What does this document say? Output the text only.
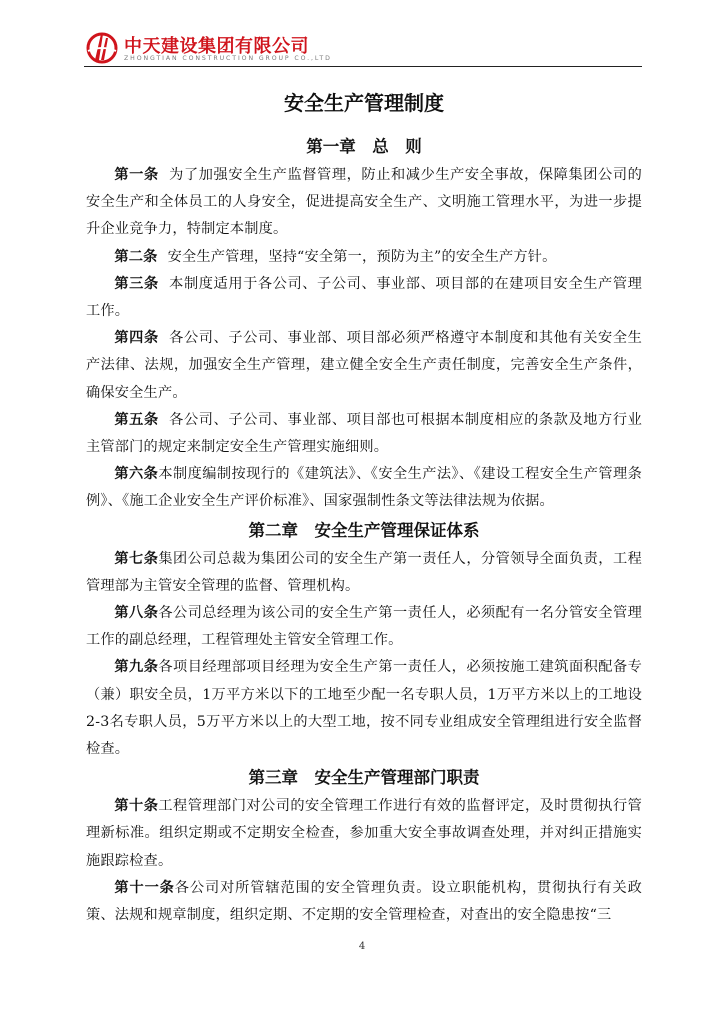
中天建设集团有限公司
ZHONGTIAN CONSTRUCTION GROUP CO.,LTD
安全生产管理制度
第一章　总　则

第一条 为了加强安全生产监督管理，防止和减少生产安全事故，保障集团公司的安全生产和全体员工的人身安全，促进提高安全生产、文明施工管理水平，为进一步提升企业竞争力，特制定本制度。

第二条 安全生产管理，坚持“安全第一，预防为主”的安全生产方针。

第三条 本制度适用于各公司、子公司、事业部、项目部的在建项目安全生产管理工作。

第四条 各公司、子公司、事业部、项目部必须严格遵守本制度和其他有关安全生产法律、法规，加强安全生产管理，建立健全安全生产责任制度，完善安全生产条件，确保安全生产。

第五条 各公司、子公司、事业部、项目部也可根据本制度相应的条款及地方行业主管部门的规定来制定安全生产管理实施细则。

第六条本制度编制按现行的《建筑法》、《安全生产法》、《建设工程安全生产管理条例》、《施工企业安全生产评价标准》、国家强制性条文等法律法规为依据。

第二章　安全生产管理保证体系

第七条集团公司总裁为集团公司的安全生产第一责任人，分管领导全面负责，工程管理部为主管安全管理的监督、管理机构。

第八条各公司总经理为该公司的安全生产第一责任人，必须配有一名分管安全管理工作的副总经理，工程管理处主管安全管理工作。

第九条各项目经理部项目经理为安全生产第一责任人，必须按施工建筑面积配备专（兼）职安全员，1万平方米以下的工地至少配一名专职人员，1万平方米以上的工地设2-3名专职人员，5万平方米以上的大型工地，按不同专业组成安全管理组进行安全监督检查。

第三章　安全生产管理部门职责

第十条工程管理部门对公司的安全管理工作进行有效的监督评定，及时贯彻执行管理新标准。组织定期或不定期安全检查，参加重大安全事故调查处理，并对纠正措施实施跟踪检查。

第十一条各公司对所管辖范围的安全管理负责。设立职能机构，贯彻执行有关政策、法规和规章制度，组织定期、不定期的安全管理检查，对查出的安全隐患按“三

4
